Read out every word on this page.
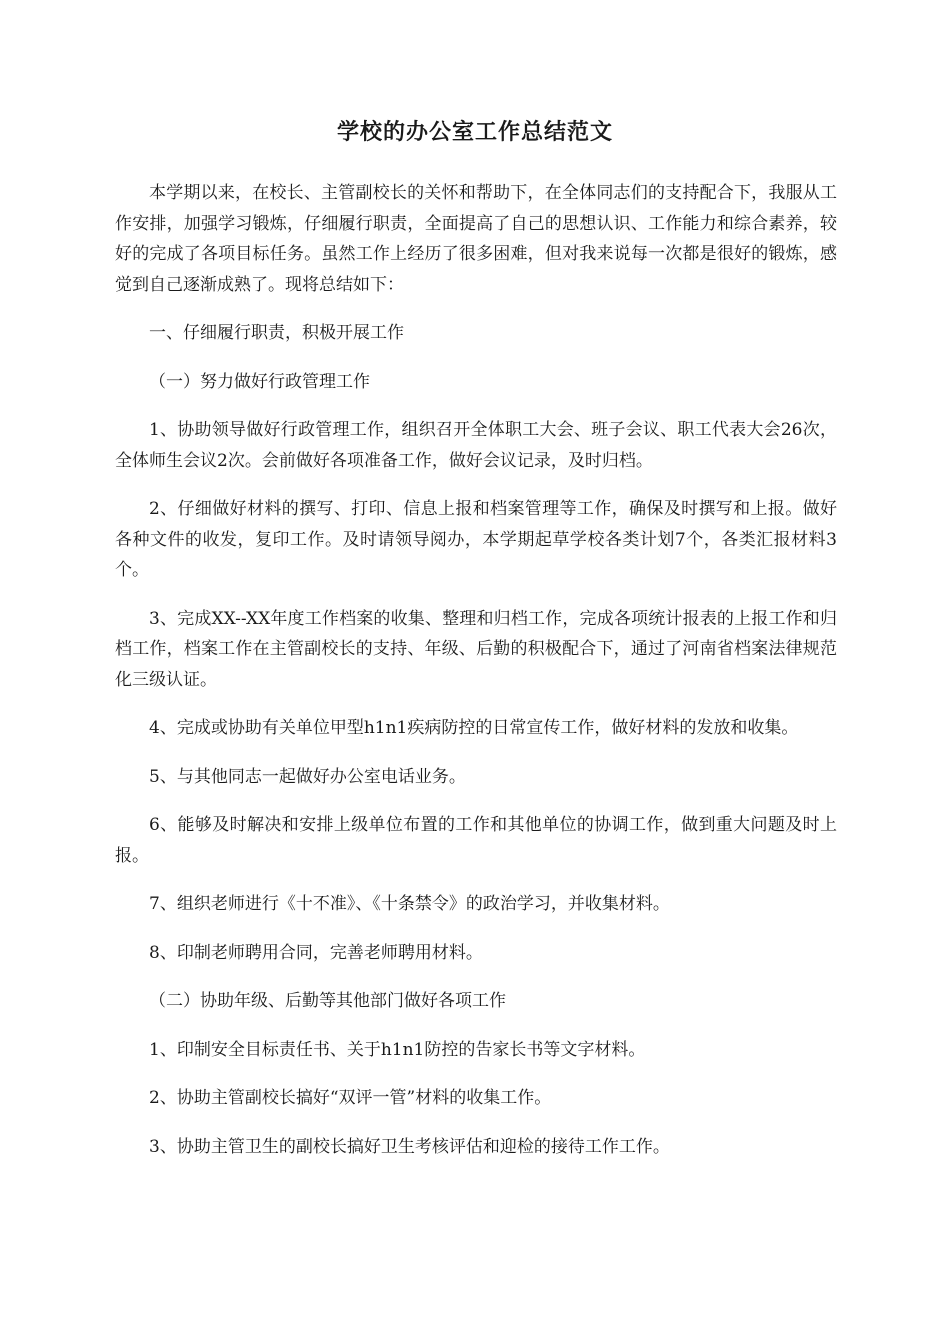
学校的办公室工作总结范文

本学期以来，在校长、主管副校长的关怀和帮助下，在全体同志们的支持配合下，我服从工作安排，加强学习锻炼，仔细履行职责，全面提高了自己的思想认识、工作能力和综合素养，较好的完成了各项目标任务。虽然工作上经历了很多困难，但对我来说每一次都是很好的锻炼，感觉到自己逐渐成熟了。现将总结如下：

一、仔细履行职责，积极开展工作

（一）努力做好行政管理工作

1、协助领导做好行政管理工作，组织召开全体职工大会、班子会议、职工代表大会26次，全体师生会议2次。会前做好各项准备工作，做好会议记录，及时归档。

2、仔细做好材料的撰写、打印、信息上报和档案管理等工作，确保及时撰写和上报。做好各种文件的收发，复印工作。及时请领导阅办，本学期起草学校各类计划7个，各类汇报材料3个。

3、完成XX--XX年度工作档案的收集、整理和归档工作，完成各项统计报表的上报工作和归档工作，档案工作在主管副校长的支持、年级、后勤的积极配合下，通过了河南省档案法律规范化三级认证。

4、完成或协助有关单位甲型h1n1疾病防控的日常宣传工作，做好材料的发放和收集。

5、与其他同志一起做好办公室电话业务。

6、能够及时解决和安排上级单位布置的工作和其他单位的协调工作，做到重大问题及时上报。

7、组织老师进行《十不准》、《十条禁令》的政治学习，并收集材料。

8、印制老师聘用合同，完善老师聘用材料。

（二）协助年级、后勤等其他部门做好各项工作

1、印制安全目标责任书、关于h1n1防控的告家长书等文字材料。

2、协助主管副校长搞好“双评一管”材料的收集工作。

3、协助主管卫生的副校长搞好卫生考核评估和迎检的接待工作工作。
